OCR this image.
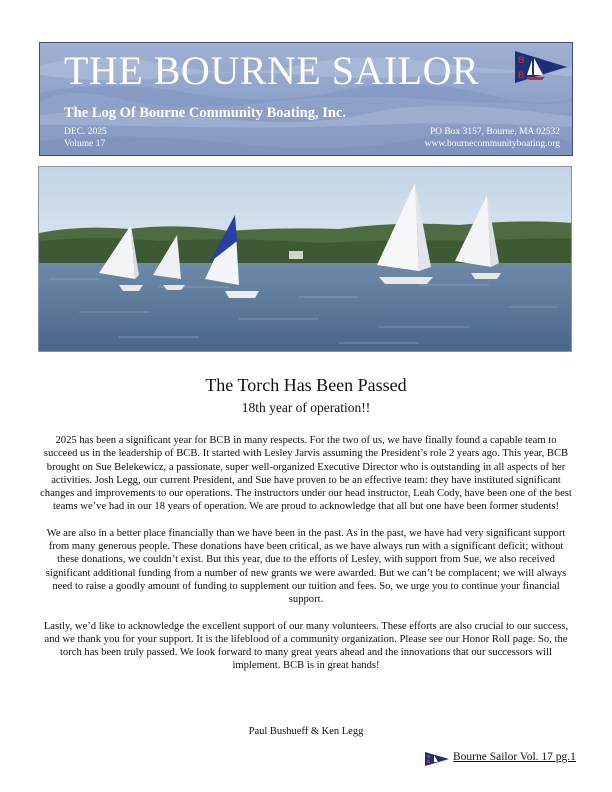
THE BOURNE SAILOR	B
B
The Log Of Bourne Community Boating, Inc.
DEC. 2025
Volume 17
PO Box 3157, Bourne, MA 02532
www.bournecommunityboating.org
The Torch Has Been Passed
18th year of operation!!

2025 has been a significant year for BCB in many respects. For the two of us, we have finally found a capable team to succeed us in the leadership of BCB. It started with Lesley Jarvis assuming the President’s role 2 years ago. This year, BCB brought on Sue Belekewicz, a passionate, super well-organized Executive Director who is outstanding in all aspects of her activities. Josh Legg, our current President, and Sue have proven to be an effective team: they have instituted significant changes and improvements to our operations. The instructors under our head instructor, Leah Cody, have been one of the best teams we’ve had in our 18 years of operation. We are proud to acknowledge that all but one have been former students!

We are also in a better place financially than we have been in the past. As in the past, we have had very significant support from many generous people. These donations have been critical, as we have always run with a significant deficit; without these donations, we couldn’t exist. But this year, due to the efforts of Lesley, with support from Sue, we also received significant additional funding from a number of new grants we were awarded. But we can’t be complacent; we will always need to raise a goodly amount of funding to supplement our tuition and fees. So, we urge you to continue your financial support.

Lastly, we’d like to acknowledge the excellent support of our many volunteers. These efforts are also crucial to our success, and we thank you for your support. It is the lifeblood of a community organization. Please see our Honor Roll page. So, the torch has been truly passed. We look forward to many great years ahead and the innovations that our successors will implement. BCB is in great hands!

Paul Bushueff & Ken Legg
Bourne Sailor Vol. 17 pg.1
